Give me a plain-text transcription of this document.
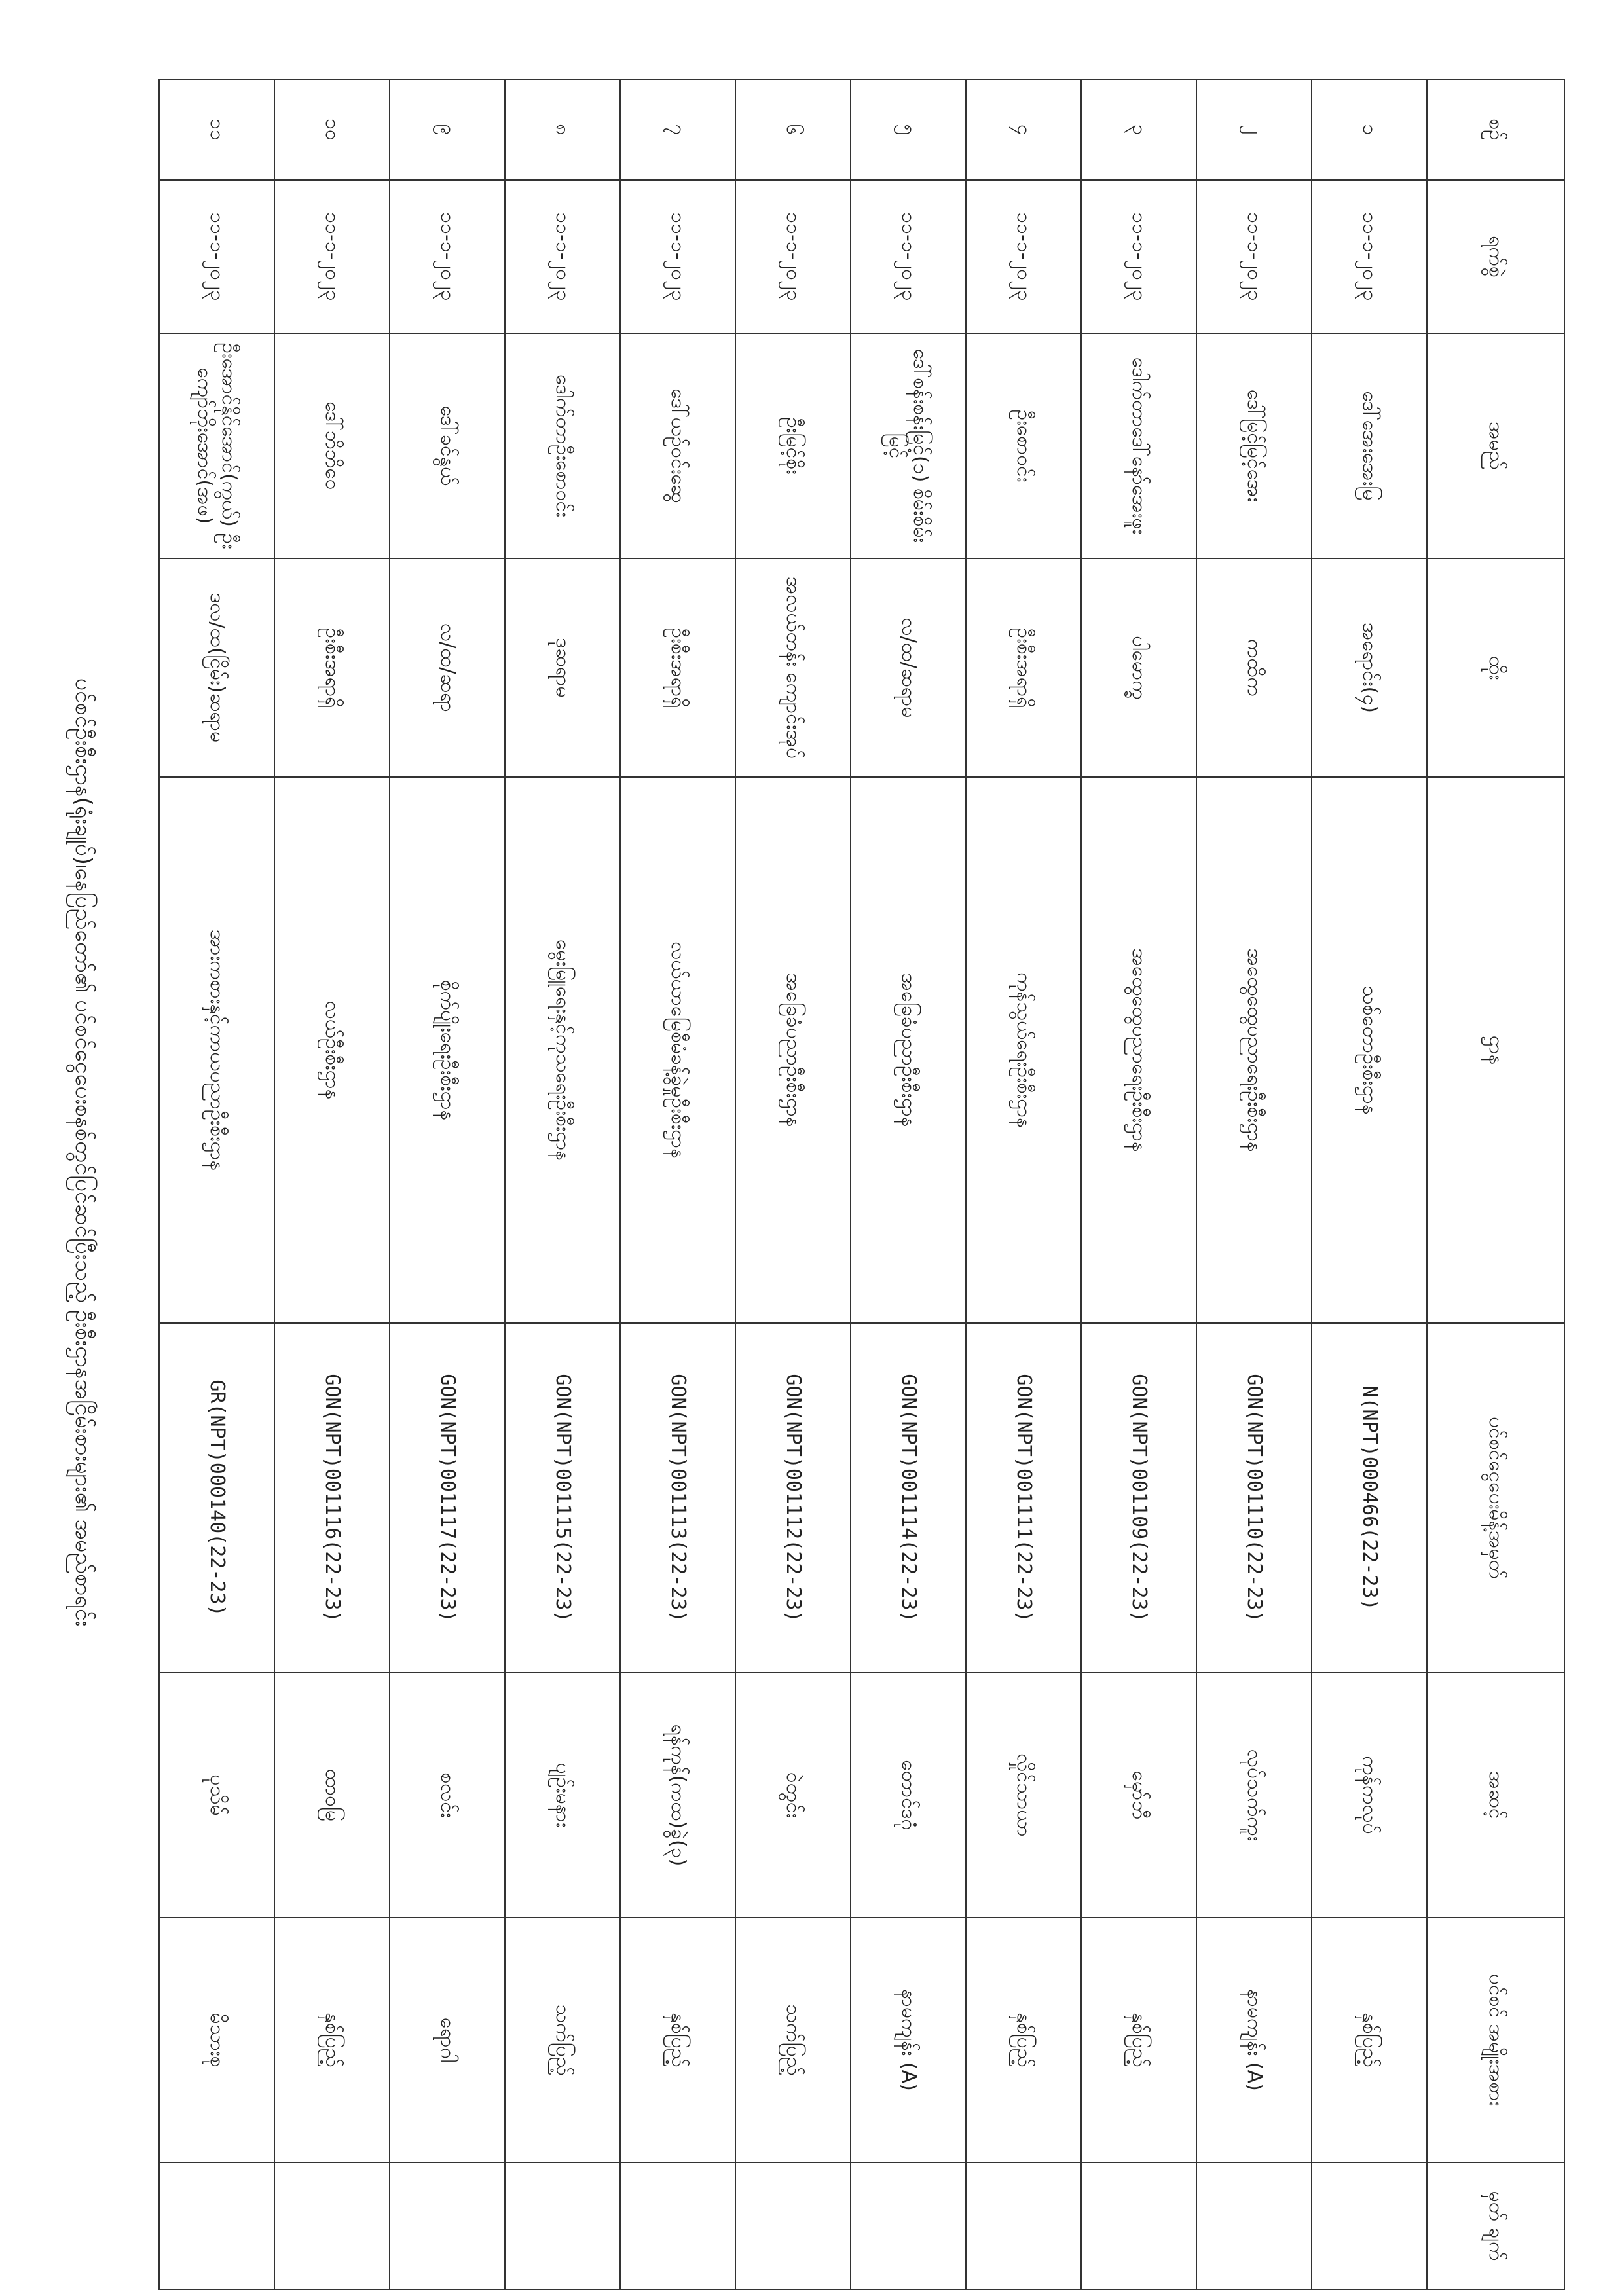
ပင်စင်ဦးစီးဌာန(ရုံးချုပ်)၊နေပြည်တော်၏ ပင်စင်ငွေပေးစနစ်တွင်ပြင်ဆင်ပြီးသည့် ဦးစီးဌာနအငြိမ်းစားများ၏ အမည်စာရင်း
စဉ်	ရက်စွဲ	အမည်	ထိုး	ဌာန	ပင်စင်ငွေပေးမိန့်အမှတ်	အဆင့်	ပင်စင် အမျိုးအစား	မှတ် ချက်
၁	၁၁-၁-၂၀၂၃	ဒေါ်အေးအေးမြ	အရောင်း(၄)	သစ်တောဦးစီးဌာန	N(NPT)000466(22-23)	ကုန်ကလုပ်	နှစ်ပြည့်	
၂	၁၁-၁-၂၀၂၃	ဒေါ်မြင့်မြင့်အေး	ကထိက	အထွေထွေပညာရေးဦးစီးဌာန	GON(NPT)001110(22-23)	လုပ်သက်ကူး	နာမကျန်း (A)	
၃	၁၁-၁-၂၀၂၃	ဒေါက်တာဒေါ်နော်အေးဖူး	ပါမောက္ခ	အထွေထွေပညာရေးဦးစီးဌာန	GON(NPT)001109(22-23)	မှော်ဘီ	နှစ်ပြည့်	
၄	၁၁-၁-၂၀၂၃	ဦးစောဝင်း	ဦးစီးအရာရှိ	ကုန်သွယ်ရေးဦးစီးဌာန	GON(NPT)001111(22-23)	လှိုင်သာယာ	နှစ်ပြည့်	
၅	၁၁-၁-၂၀၂၃	ဒေါ်စန်းစန်းမြင့်(၁) စိမ်းစိမ်းမြင့်	လ/ထ/ဆရာမ	အခြေခံပညာဦးစီးဌာန	GON(NPT)001114(22-23)	တောင်ဒဂုံ	နာမကျန်း (A)	
၆	၁၁-၁-၂၀၂၃	ဦးမြင့်စိုး	အလယ်တန်း ကျောင်းအုပ်	အခြေခံပညာဦးစီးဌာန	GON(NPT)001112(22-23)	ဝဲတွင်း	သက်ပြည့်	
၇	၁၁-၁-၂၀၂၃	ဒေါ်ယဉ်ဝင်းဆွေ	ဦးစီးအရာရှိ	လယ်ယာမြေစီမံခန့်ခွဲမှုဦးစီးဌာန	GON(NPT)001113(22-23)	ရန်ကုန်(ကထ)ခွဲ(၃)	နှစ်ပြည့်	
၈	၁၁-၁-၂၀၂၃	ဒေါက်တာဦးစောဝင်း	ဒုဆရာမ	မွေးမြူရေးနှင့်ကုသရေးဦးစီးဌာန	GON(NPT)001115(22-23)	ပျဉ်းမနား	သက်ပြည့်	
၉	၁၁-၁-၂၀၂၃	ဒေါ်ခင်နွယ်	လ/ထ/ဆရာ	စိုက်ပျိုးရေးဦးစီးဌာန	GON(NPT)001117(22-23)	စလင်း	ရောဂါ	
၁၀	၁၁-၁-၂၀၂၃	ဒေါ်ဘိဘိဝေ	ဦးစီးအရာရှိ	လယ်ဦးစီးဌာန	GON(NPT)001116(22-23)	ထာဝမြ	နှစ်ပြည့်	
၁၁	၁၁-၁-၂၀၂၃	ဦးအောင်နိုင်အောင်(ကွယ်) ဦးကျော်ဘိုးအောင်(အဖ)	ဒလ/ထ(ငြိမ်း)ဆရာမ	အားကစားနှင့်ကာယပညာဦးစီးဌာန	GR(NPT)000140(22-23)	ပုသိမ်	မိသားစု	
